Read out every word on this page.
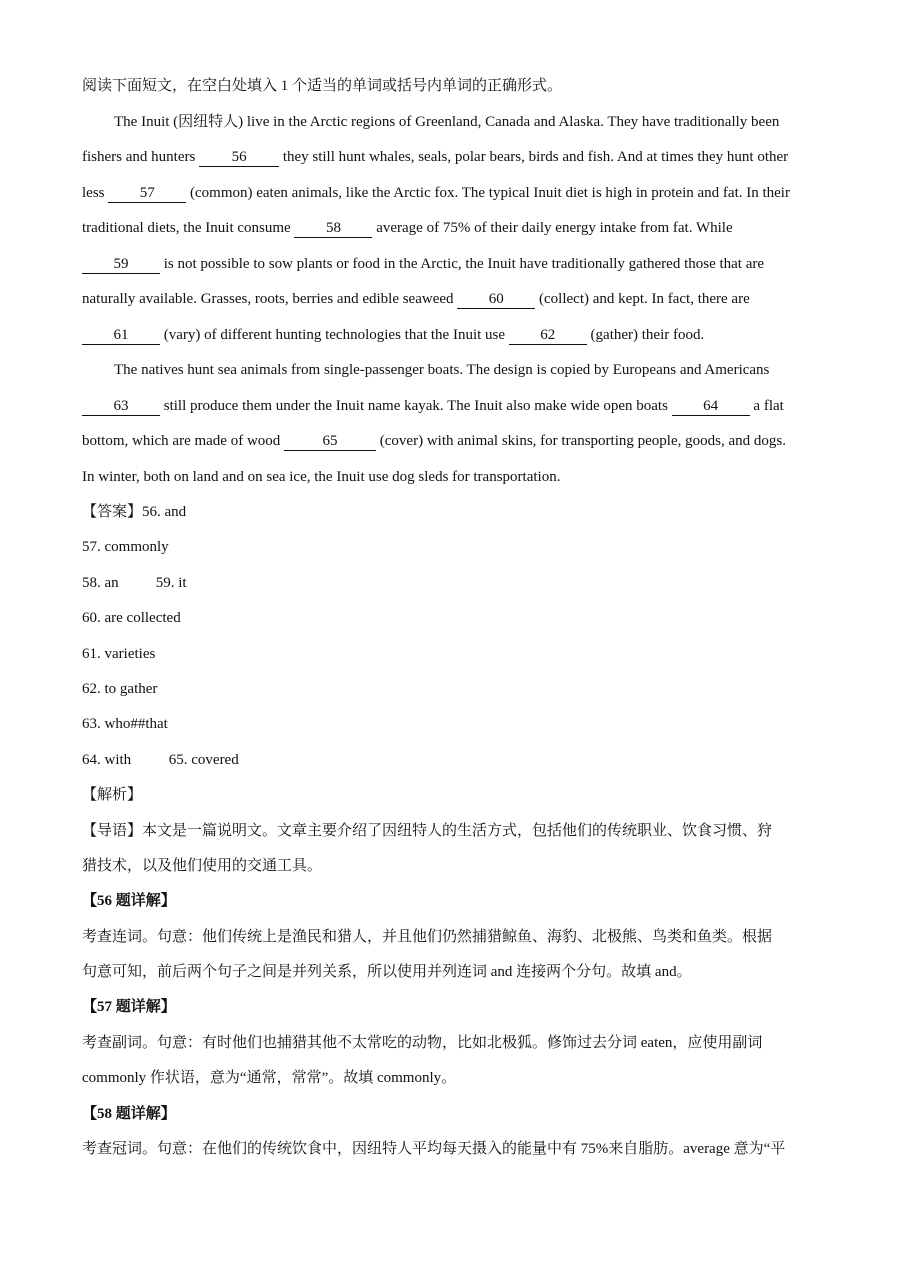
阅读下面短文，在空白处填入 1 个适当的单词或括号内单词的正确形式。
The Inuit (因纽特人) live in the Arctic regions of Greenland, Canada and Alaska. They have traditionally been
fishers and hunters 56 they still hunt whales, seals, polar bears, birds and fish. And at times they hunt other
less 57 (common) eaten animals, like the Arctic fox. The typical Inuit diet is high in protein and fat. In their
traditional diets, the Inuit consume 58 average of 75% of their daily energy intake from fat. While
59 is not possible to sow plants or food in the Arctic, the Inuit have traditionally gathered those that are
naturally available. Grasses, roots, berries and edible seaweed 60 (collect) and kept. In fact, there are
61 (vary) of different hunting technologies that the Inuit use 62 (gather) their food.
The natives hunt sea animals from single-passenger boats. The design is copied by Europeans and Americans
63 still produce them under the Inuit name kayak. The Inuit also make wide open boats 64 a flat
bottom, which are made of wood	65	(cover) with animal skins, for transporting people, goods, and dogs.
In winter, both on land and on sea ice, the Inuit use dog sleds for transportation.
【答案】56. and
57. commonly
58. an 59. it
60. are collected
61. varieties
62. to gather
63. who##that
64. with	65. covered
【解析】
【导语】本文是一篇说明文。文章主要介绍了因纽特人的生活方式，包括他们的传统职业、饮食习惯、狩
猎技术，以及他们使用的交通工具。
【56 题详解】
考查连词。句意：他们传统上是渔民和猎人，并且他们仍然捕猎鲸鱼、海豹、北极熊、鸟类和鱼类。根据
句意可知，前后两个句子之间是并列关系，所以使用并列连词 and 连接两个分句。故填 and。
【57 题详解】
考查副词。句意：有时他们也捕猎其他不太常吃的动物，比如北极狐。修饰过去分词 eaten，应使用副词
commonly 作状语，意为“通常，常常”。故填 commonly。
【58 题详解】
考查冠词。句意：在他们的传统饮食中，因纽特人平均每天摄入的能量中有 75%来自脂肪。average 意为“平
